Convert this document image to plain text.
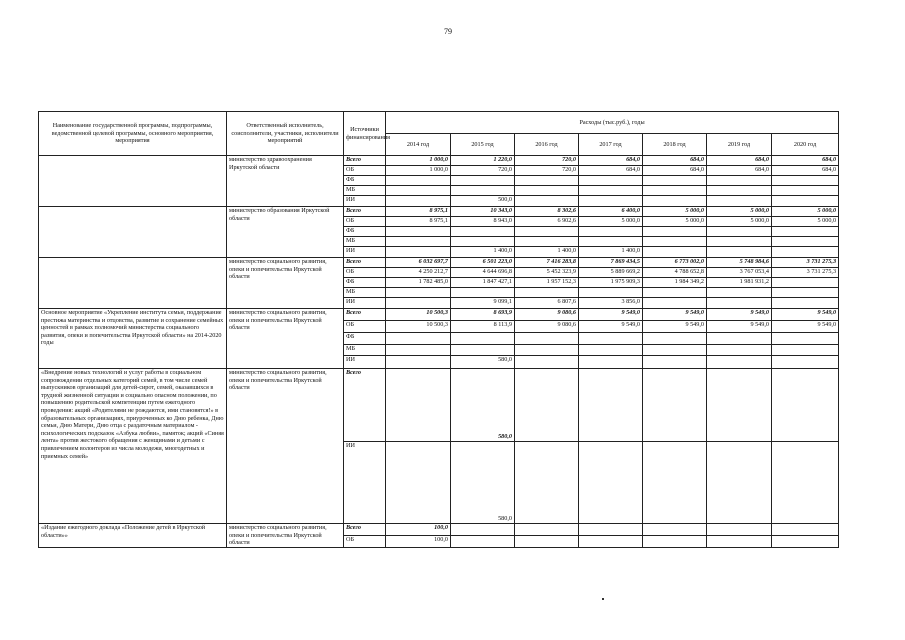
79
Наименование государственной программы, подпрограммы, ведомственной целевой программы, основного мероприятия, мероприятия	Ответственный исполнитель, соисполнители, участники, исполнители мероприятий	Источники финансирования	Расходы (тыс.руб.), годы						
			2014 год	2015 год	2016 год	2017 год	2018 год	2019 год	2020 год
	министерство здравоохранения Иркутской области	Всего	1 000,0	1 220,0	720,0	684,0	684,0	684,0	684,0
		ОБ	1 000,0	720,0	720,0	684,0	684,0	684,0	684,0
		ФБ							
		МБ							
		ИИ		500,0					
	министерство образования Иркутской области	Всего	8 975,1	10 343,0	8 302,6	6 400,0	5 000,0	5 000,0	5 000,0
		ОБ	8 975,1	8 943,0	6 902,6	5 000,0	5 000,0	5 000,0	5 000,0
		ФБ							
		МБ							
		ИИ		1 400,0	1 400,0	1 400,0			
	министерство социального развития, опеки и попечительства Иркутской области	Всего	6 032 697,7	6 501 223,0	7 416 283,8	7 869 434,5	6 773 002,0	5 748 984,6	3 731 275,3
		ОБ	4 250 212,7	4 644 696,8	5 452 323,9	5 889 669,2	4 788 652,8	3 767 053,4	3 731 275,3
		ФБ	1 782 485,0	1 847 427,1	1 957 152,3	1 975 909,3	1 984 349,2	1 981 931,2	
		МБ							
		ИИ		9 099,1	6 807,6	3 856,0			
Основное мероприятие «Укрепление института семьи, поддержание престижа материнства и отцовства, развитие и сохранение семейных ценностей в рамках полномочий министерства социального развития, опеки и попечительства Иркутской области» на 2014-2020 годы	министерство социального развития, опеки и попечительства Иркутской области	Всего	10 500,3	8 693,9	9 080,6	9 549,0	9 549,0	9 549,0	9 549,0
		ОБ	10 500,3	8 113,9	9 080,6	9 549,0	9 549,0	9 549,0	9 549,0
		ФБ							
		МБ							
		ИИ		580,0					
«Внедрение новых технологий и услуг работы в социальном сопровождении отдельных категорий семей, в том числе семей выпускников организаций для детей-сирот, семей, оказавшихся в трудной жизненной ситуации и социально опасном положении, по повышению родительской компетенции путем ежегодного проведения: акций «Родителями не рождаются, ими становятся!» в образовательных организациях, приуроченных ко Дню ребенка, Дню семьи, Дню Матери, Дню отца с раздаточным материалом - психологических подсказок «Азбука любви», памяток; акций «Синяя лента» против жестокого обращения с женщинами и детьми с привлечением волонтеров из числа молодежи, многодетных и приемных семей»	министерство социального развития, опеки и попечительства Иркутской области	Всего		580,0					
		ИИ		580,0					
«Издание ежегодного доклада «Положение детей в Иркутской области»»	министерство социального развития, опеки и попечительства Иркутской области	Всего	100,0						
		ОБ	100,0						
